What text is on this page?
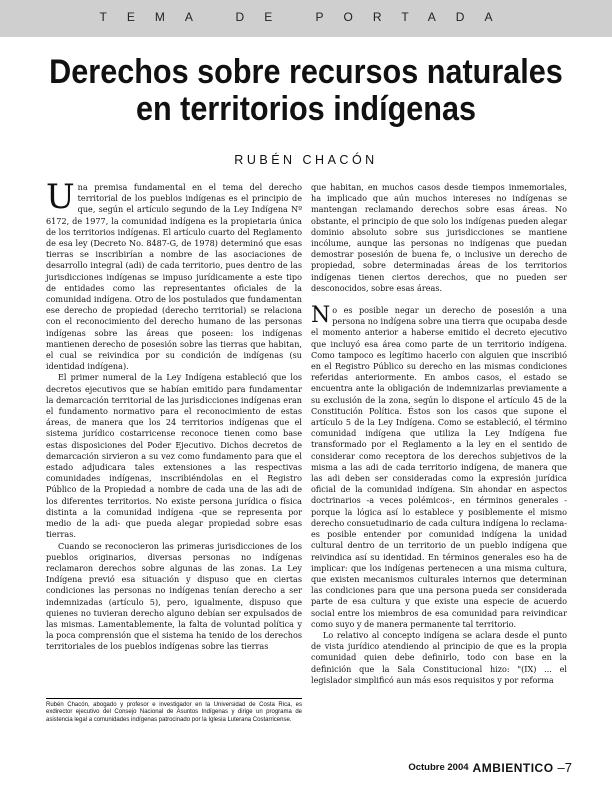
TEMA DE PORTADA
Derechos sobre recursos naturales
en territorios indígenas
RUBÉN CHACÓN

Una premisa fundamental en el tema del derecho territorial de los pueblos indígenas es el principio de que, según el artículo segundo de la Ley Indígena Nº 6172, de 1977, la comunidad indígena es la propietaria única de los territorios indígenas. El artículo cuarto del Reglamento de esa ley (Decreto No. 8487-G, de 1978) determinó que esas tierras se inscribirían a nombre de las asociaciones de desarrollo integral (adi) de cada territorio, pues dentro de las jurisdicciones indígenas se impuso jurídicamente a este tipo de entidades como las representantes oficiales de la comunidad indígena. Otro de los postulados que fundamentan ese derecho de propiedad (derecho territorial) se relaciona con el reconocimiento del derecho humano de las personas indígenas sobre las áreas que poseen: los indígenas mantienen derecho de posesión sobre las tierras que habitan, el cual se reivindica por su condición de indígenas (su identidad indígena).

El primer numeral de la Ley Indígena estableció que los decretos ejecutivos que se habían emitido para fundamentar la demarcación territorial de las jurisdicciones indígenas eran el fundamento normativo para el reconocimiento de estas áreas, de manera que los 24 territorios indígenas que el sistema jurídico costarricense reconoce tienen como base estas disposiciones del Poder Ejecutivo. Dichos decretos de demarcación sirvieron a su vez como fundamento para que el estado adjudicara tales extensiones a las respectivas comunidades indígenas, inscribiéndolas en el Registro Público de la Propiedad a nombre de cada una de las adi de los diferentes territorios. No existe persona jurídica o física distinta a la comunidad indígena -que se representa por medio de la adi- que pueda alegar propiedad sobre esas tierras.

Cuando se reconocieron las primeras jurisdicciones de los pueblos originarios, diversas personas no indígenas reclamaron derechos sobre algunas de las zonas. La Ley Indígena previó esa situación y dispuso que en ciertas condiciones las personas no indígenas tenían derecho a ser indemnizadas (artículo 5), pero, igualmente, dispuso que quienes no tuvieran derecho alguno debían ser expulsados de las mismas. Lamentablemente, la falta de voluntad política y la poca comprensión que el sistema ha tenido de los derechos territoriales de los pueblos indígenas sobre las tierras

que habitan, en muchos casos desde tiempos inmemoriales, ha implicado que aún muchos intereses no indígenas se mantengan reclamando derechos sobre esas áreas. No obstante, el principio de que solo los indígenas pueden alegar dominio absoluto sobre sus jurisdicciones se mantiene incólume, aunque las personas no indígenas que puedan demostrar posesión de buena fe, o inclusive un derecho de propiedad, sobre determinadas áreas de los territorios indígenas tienen ciertos derechos, que no pueden ser desconocidos, sobre esas áreas.

No es posible negar un derecho de posesión a una persona no indígena sobre una tierra que ocupaba desde el momento anterior a haberse emitido el decreto ejecutivo que incluyó esa área como parte de un territorio indígena. Como tampoco es legítimo hacerlo con alguien que inscribió en el Registro Público su derecho en las mismas condiciones referidas anteriormente. En ambos casos, el estado se encuentra ante la obligación de indemnizarlas previamente a su exclusión de la zona, según lo dispone el artículo 45 de la Constitución Política. Éstos son los casos que supone el artículo 5 de la Ley Indígena. Como se estableció, el término comunidad indígena que utiliza la Ley Indígena fue transformado por el Reglamento a la ley en el sentido de considerar como receptora de los derechos subjetivos de la misma a las adi de cada territorio indígena, de manera que las adi deben ser consideradas como la expresión jurídica oficial de la comunidad indígena. Sin ahondar en aspectos doctrinarios -a veces polémicos-, en términos generales -porque la lógica así lo establece y posiblemente el mismo derecho consuetudinario de cada cultura indígena lo reclama- es posible entender por comunidad indígena la unidad cultural dentro de un territorio de un pueblo indígena que reivindica así su identidad. En términos generales eso ha de implicar: que los indígenas pertenecen a una misma cultura, que existen mecanismos culturales internos que determinan las condiciones para que una persona pueda ser considerada parte de esa cultura y que existe una especie de acuerdo social entre los miembros de esa comunidad para reivindicar como suyo y de manera permanente tal territorio.

Lo relativo al concepto indígena se aclara desde el punto de vista jurídico atendiendo al principio de que es la propia comunidad quien debe definirlo, todo con base en la definición que la Sala Constitucional hizo: "(IX) ... el legislador simplificó aun más esos requisitos y por reforma

Rubén Chacón, abogado y profesor e investigador en la Universidad de Costa Rica, es exdirector ejecutivo del Consejo Nacional de Asuntos Indígenas y dirige un programa de asistencia legal a comunidades indígenas patrocinado por la Iglesia Luterana Costarricense.
Octubre 2004 AMBIENTICO –7
